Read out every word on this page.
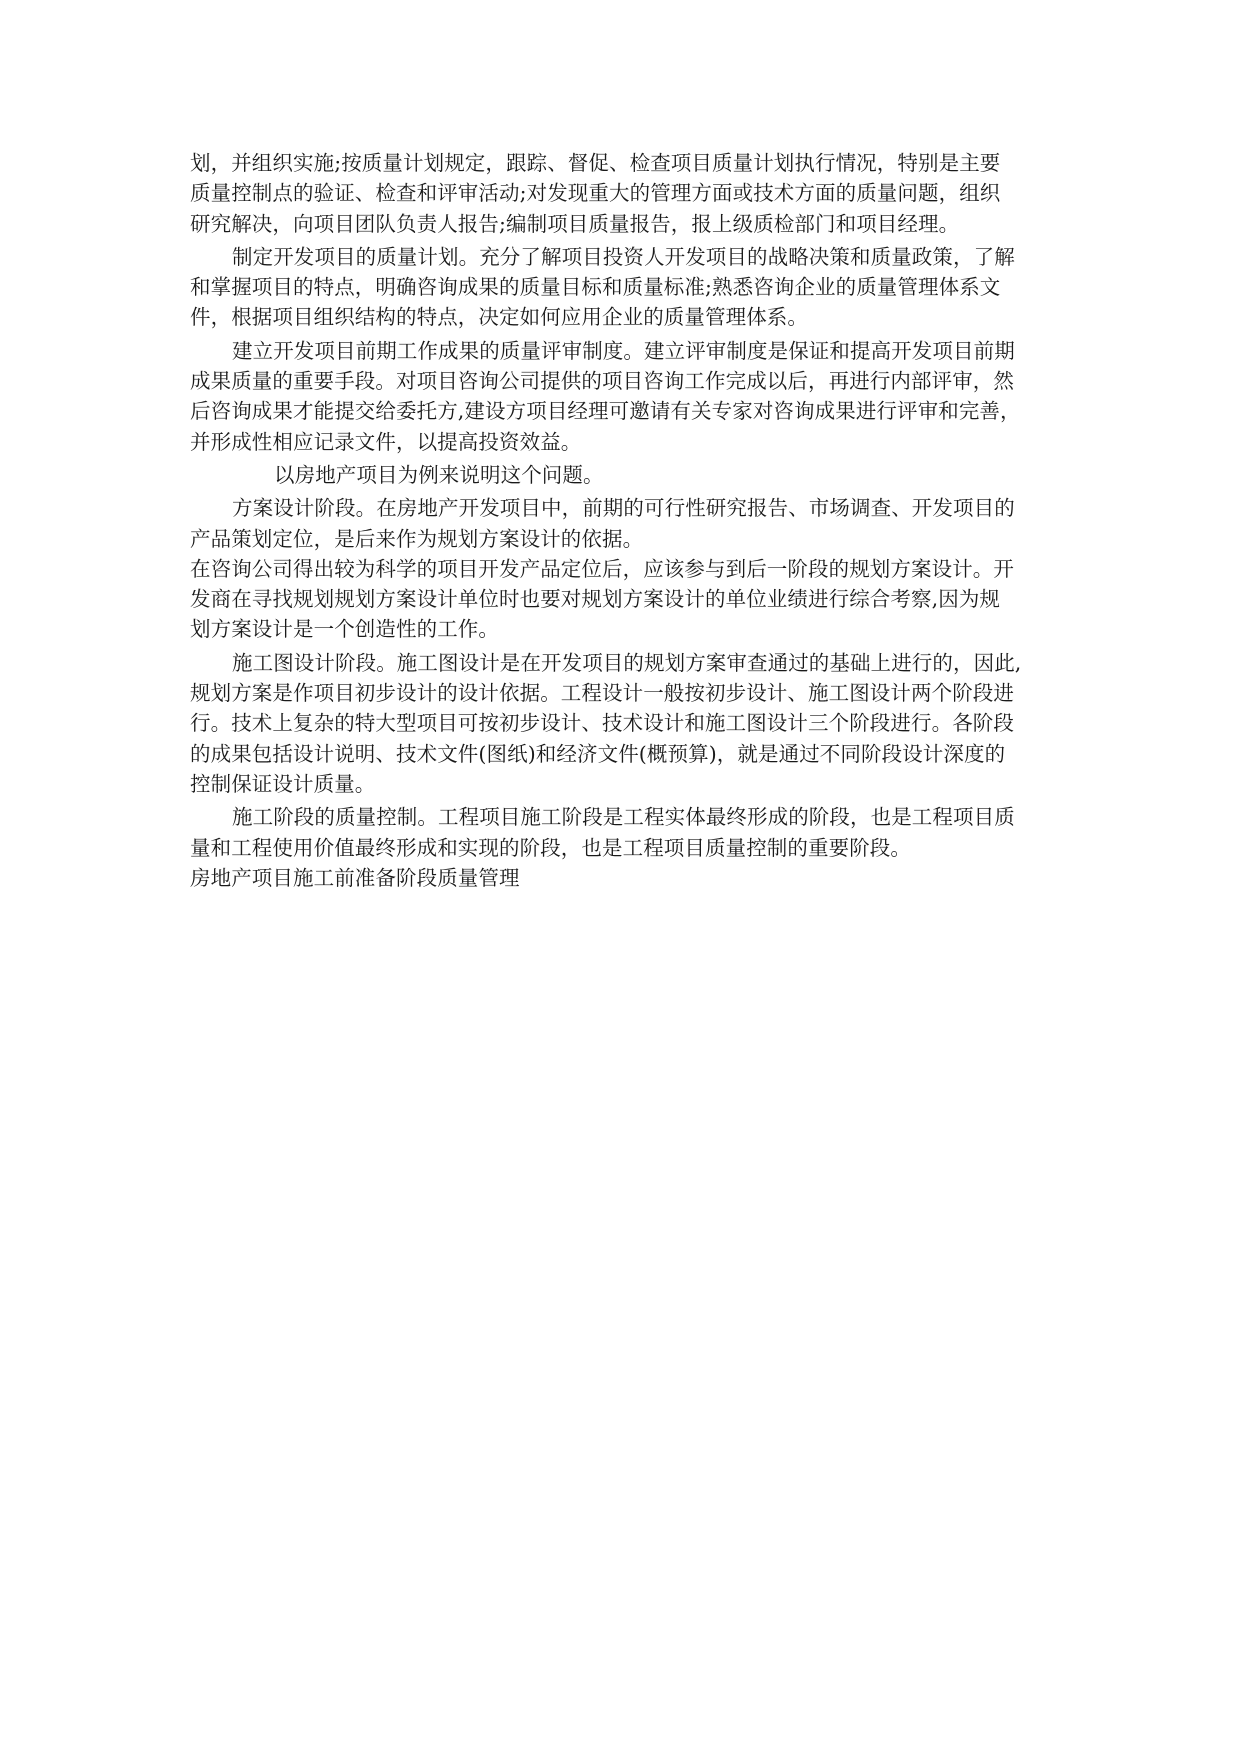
划，并组织实施;按质量计划规定，跟踪、督促、检查项目质量计划执行情况，特别是主要
质量控制点的验证、检查和评审活动;对发现重大的管理方面或技术方面的质量问题，组织
研究解决，向项目团队负责人报告;编制项目质量报告，报上级质检部门和项目经理。
制定开发项目的质量计划。充分了解项目投资人开发项目的战略决策和质量政策，了解
和掌握项目的特点，明确咨询成果的质量目标和质量标准;熟悉咨询企业的质量管理体系文
件，根据项目组织结构的特点，决定如何应用企业的质量管理体系。
建立开发项目前期工作成果的质量评审制度。建立评审制度是保证和提高开发项目前期
成果质量的重要手段。对项目咨询公司提供的项目咨询工作完成以后，再进行内部评审，然
后咨询成果才能提交给委托方,建设方项目经理可邀请有关专家对咨询成果进行评审和完善，
并形成性相应记录文件，以提高投资效益。
以房地产项目为例来说明这个问题。
方案设计阶段。在房地产开发项目中，前期的可行性研究报告、市场调查、开发项目的
产品策划定位，是后来作为规划方案设计的依据。
在咨询公司得出较为科学的项目开发产品定位后，应该参与到后一阶段的规划方案设计。开
发商在寻找规划规划方案设计单位时也要对规划方案设计的单位业绩进行综合考察,因为规
划方案设计是一个创造性的工作。
施工图设计阶段。施工图设计是在开发项目的规划方案审查通过的基础上进行的，因此,
规划方案是作项目初步设计的设计依据。工程设计一般按初步设计、施工图设计两个阶段进
行。技术上复杂的特大型项目可按初步设计、技术设计和施工图设计三个阶段进行。各阶段
的成果包括设计说明、技术文件(图纸)和经济文件(概预算)，就是通过不同阶段设计深度的
控制保证设计质量。
施工阶段的质量控制。工程项目施工阶段是工程实体最终形成的阶段，也是工程项目质
量和工程使用价值最终形成和实现的阶段，也是工程项目质量控制的重要阶段。
房地产项目施工前准备阶段质量管理
